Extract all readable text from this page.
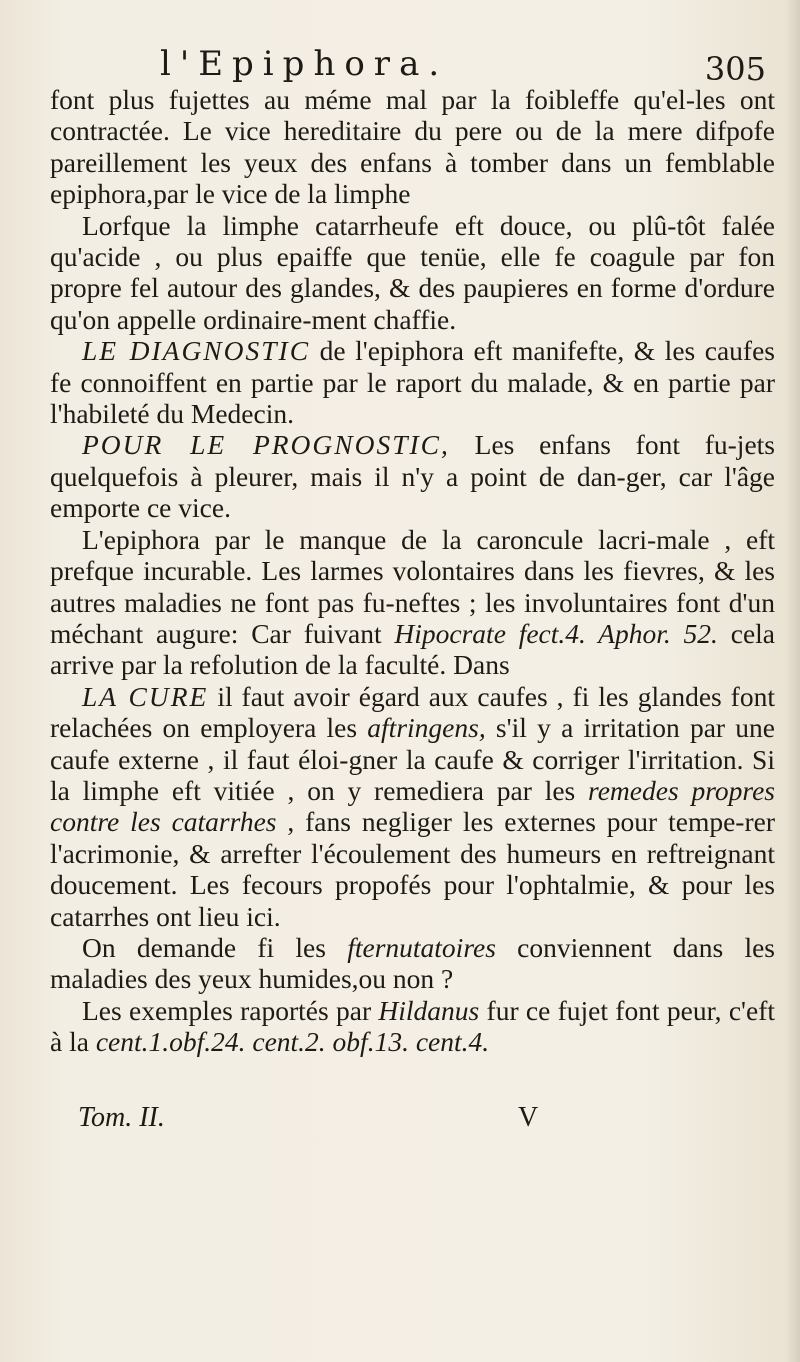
l'Epiphora.	305

font plus fujettes au méme mal par la foibleffe qu'el-les ont contractée. Le vice hereditaire du pere ou de la mere difpofe pareillement les yeux des enfans à tomber dans un femblable epiphora,par le vice de la limphe

Lorfque la limphe catarrheufe eft douce, ou plû-tôt falée qu'acide , ou plus epaiffe que tenüe, elle fe coagule par fon propre fel autour des glandes, & des paupieres en forme d'ordure qu'on appelle ordinaire-ment chaffie.

LE DIAGNOSTIC de l'epiphora eft manifefte, & les caufes fe connoiffent en partie par le raport du malade, & en partie par l'habileté du Medecin.

POUR LE PROGNOSTIC, Les enfans font fu-jets quelquefois à pleurer, mais il n'y a point de dan-ger, car l'âge emporte ce vice.

L'epiphora par le manque de la caroncule lacri-male , eft prefque incurable. Les larmes volontaires dans les fievres, & les autres maladies ne font pas fu-neftes ; les involuntaires font d'un méchant augure: Car fuivant Hipocrate fect.4. Aphor. 52. cela arrive par la refolution de la faculté. Dans

LA CURE il faut avoir égard aux caufes , fi les glandes font relachées on employera les aftringens, s'il y a irritation par une caufe externe , il faut éloi-gner la caufe & corriger l'irritation. Si la limphe eft vitiée , on y remediera par les remedes propres contre les catarrhes , fans negliger les externes pour tempe-rer l'acrimonie, & arrefter l'écoulement des humeurs en reftreignant doucement. Les fecours propofés pour l'ophtalmie, & pour les catarrhes ont lieu ici.

On demande fi les fternutatoires conviennent dans les maladies des yeux humides,ou non ?

Les exemples raportés par Hildanus fur ce fujet font peur, c'eft à la cent.1.obf.24. cent.2. obf.13. cent.4.

Tom. II.	V
